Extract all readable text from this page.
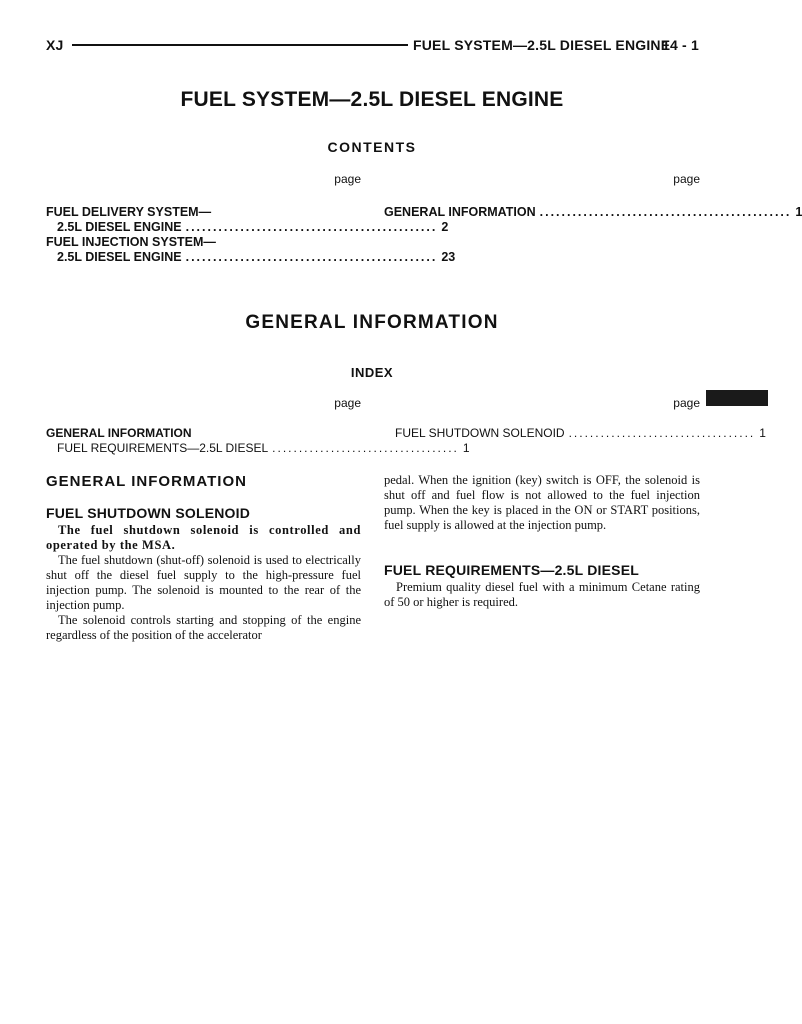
XJ	FUEL SYSTEM—2.5L DIESEL ENGINE
14 - 1
FUEL SYSTEM—2.5L DIESEL ENGINE
CONTENTS
page	page
FUEL DELIVERY SYSTEM—
2.5L DIESEL ENGINE .............................................. 2
FUEL INJECTION SYSTEM—
2.5L DIESEL ENGINE .............................................. 23
GENERAL INFORMATION .............................................. 1
GENERAL INFORMATION
INDEX
page	page
GENERAL INFORMATION
FUEL REQUIREMENTS—2.5L DIESEL ................................... 1
FUEL SHUTDOWN SOLENOID ................................... 1
GENERAL INFORMATION
FUEL SHUTDOWN SOLENOID

The fuel shutdown solenoid is controlled and operated by the MSA.

The fuel shutdown (shut-off) solenoid is used to electrically shut off the diesel fuel supply to the high-pressure fuel injection pump. The solenoid is mounted to the rear of the injection pump.

The solenoid controls starting and stopping of the engine regardless of the position of the accelerator

pedal. When the ignition (key) switch is OFF, the solenoid is shut off and fuel flow is not allowed to the fuel injection pump. When the key is placed in the ON or START positions, fuel supply is allowed at the injection pump.

FUEL REQUIREMENTS—2.5L DIESEL

Premium quality diesel fuel with a minimum Cetane rating of 50 or higher is required.
